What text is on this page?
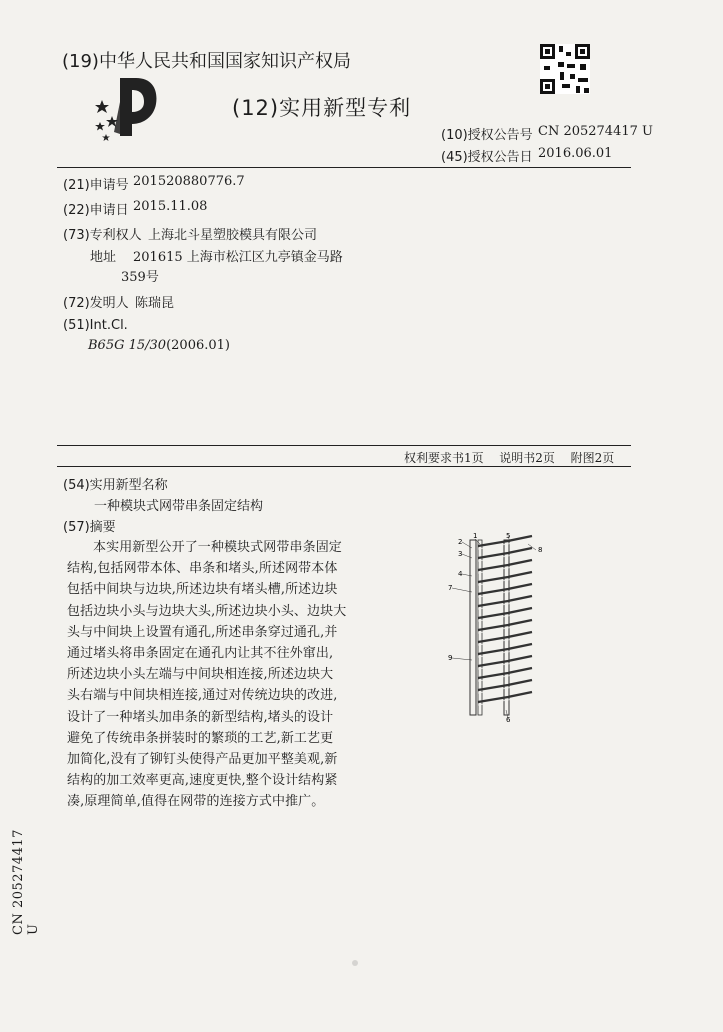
(19)中华人民共和国国家知识产权局
(12)实用新型专利
(10)授权公告号 CN 205274417 U
(45)授权公告日 2016.06.01
(21)申请号 201520880776.7
(22)申请日 2015.11.08
(73)专利权人 上海北斗星塑胶模具有限公司
地址 201615 上海市松江区九亭镇金马路
359号
(72)发明人 陈瑞昆
(51)Int.Cl.
B65G 15/30(2006.01)
权利要求书1页 说明书2页 附图2页
(54)实用新型名称
一种模块式网带串条固定结构
(57)摘要
本实用新型公开了一种模块式网带串条固定
结构,包括网带本体、串条和堵头,所述网带本体
包括中间块与边块,所述边块有堵头槽,所述边块
包括边块小头与边块大头,所述边块小头、边块大
头与中间块上设置有通孔,所述串条穿过通孔,并
通过堵头将串条固定在通孔内让其不往外窜出,
所述边块小头左端与中间块相连接,所述边块大
头右端与中间块相连接,通过对传统边块的改进,
设计了一种堵头加串条的新型结构,堵头的设计
避免了传统串条拼装时的繁琐的工艺,新工艺更
加简化,没有了铆钉头使得产品更加平整美观,新
结构的加工效率更高,速度更快,整个设计结构紧
凑,原理简单,值得在网带的连接方式中推广。
1
2
3
4
5
6
7
8
9
CN 205274417 U
